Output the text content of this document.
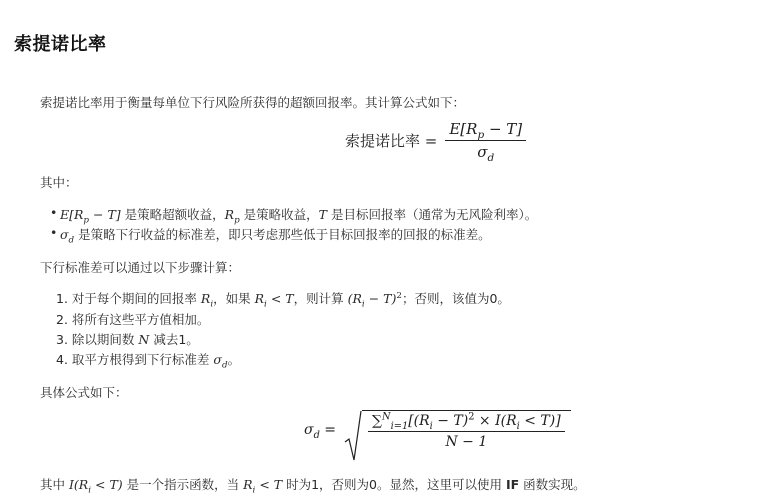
索提诺比率
索提诺比率用于衡量每单位下行风险所获得的超额回报率。其计算公式如下：
索提诺比率 = $\frac{E[R_p - T]}{\sigma_d}$
其中：
• $E[R_p - T]$ 是策略超额收益，$R_p$ 是策略收益，T 是目标回报率（通常为无风险利率）。
• $\sigma_d$ 是策略下行收益的标准差，即只考虑那些低于目标回报率的回报的标准差。
下行标准差可以通过以下步骤计算：
1. 对于每个期间的回报率 $R_i$，如果 $R_i < T$，则计算 $(R_i - T)^2$；否则，该值为0。
2. 将所有这些平方值相加。
3. 除以期间数 N 减去1。
4. 取平方根得到下行标准差 $\sigma_d$。
具体公式如下：
$\sigma_d = \frac{\sum^N_{i=1}[(R_i - T)^2 \times I(R_i < T)]}{N - 1}$
其中 $I(R_i < T)$ 是一个指示函数，当 $R_i < T$ 时为1，否则为0。显然，这里可以使用 IF 函数实现。
